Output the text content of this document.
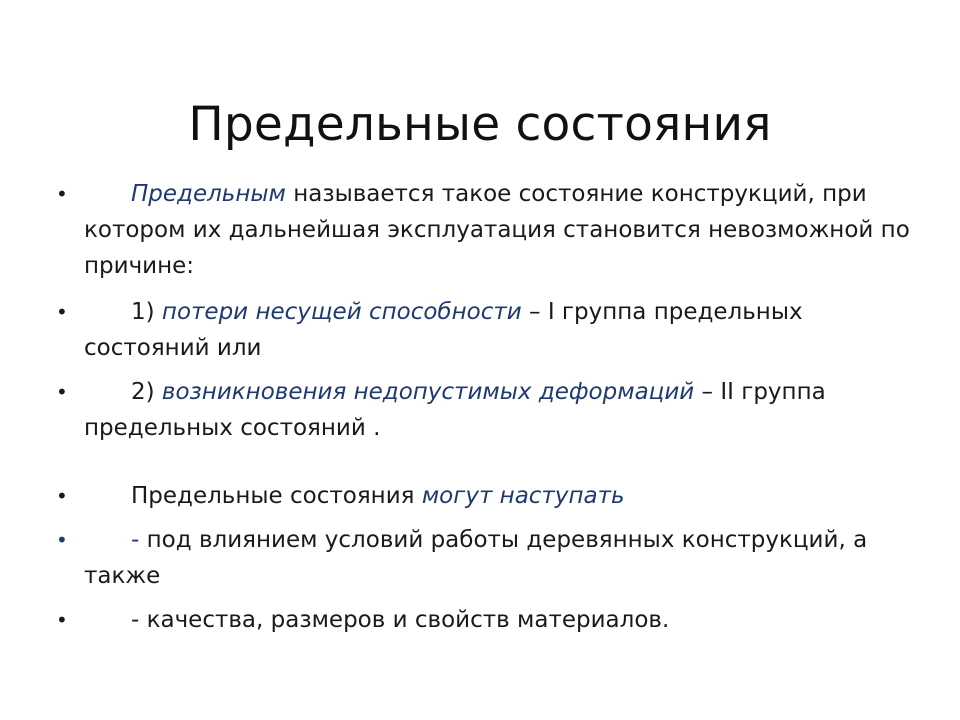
Предельные состояния
•	Предельным называется такое состояние конструкций, при котором их дальнейшая эксплуатация становится невозможной по причине:
•	1) потери несущей способности – I группа предельных состояний или
•	2) возникновения недопустимых деформаций – II группа предельных состояний .
•	Предельные состояния могут наступать
•	- под влиянием условий работы деревянных конструкций, а также
•	- качества, размеров и свойств материалов.
